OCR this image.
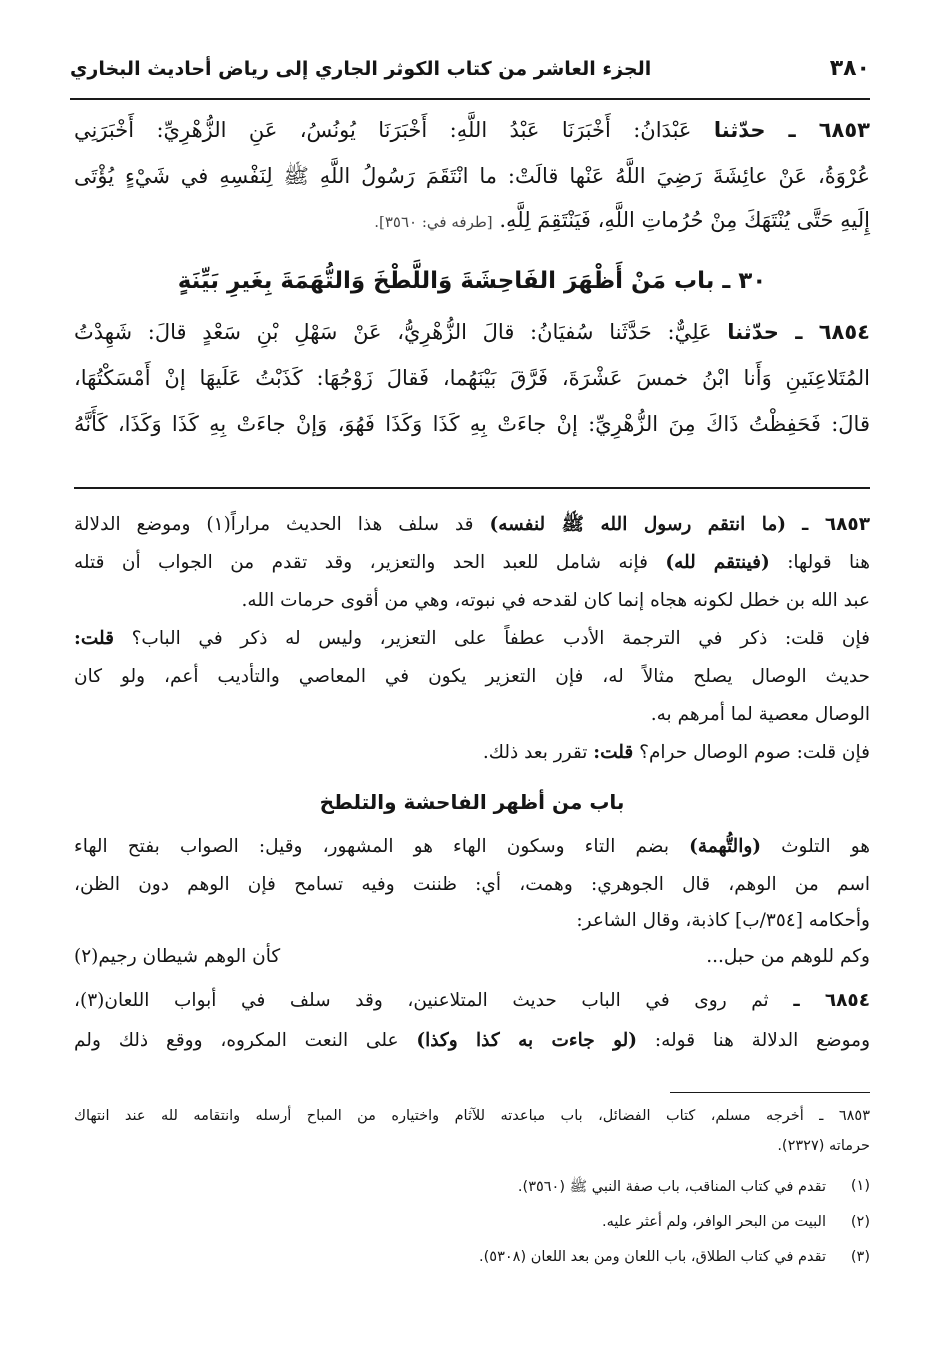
٣٨٠
الجزء العاشر من كتاب الكوثر الجاري إلى رياض أحاديث البخاري
٦٨٥٣ ـ حدّثنا عَبْدَانُ: أَخْبَرَنَا عَبْدُ اللَّهِ: أَخْبَرَنَا يُونُسُ، عَنِ الزُّهْرِيِّ: أَخْبَرَنِي
عُرْوَةُ، عَنْ عائِشَةَ رَضِيَ اللَّهُ عَنْها قالَتْ: ما انْتَقَمَ رَسُولُ اللَّهِ ﷺ لِنَفْسِهِ في شَيْءٍ يُؤْتَى
إِلَيهِ حَتَّى يُنْتَهَكَ مِنْ حُرُماتِ اللَّهِ، فَيَنْتَقِمَ لِلَّهِ. [طرفه في: ٣٥٦٠].
٣٠ ـ باب مَنْ أَظْهَرَ الفَاحِشَةَ وَاللَّطْخَ وَالتُّهَمَةَ بِغَيرِ بَيِّنَةٍ
٦٨٥٤ ـ حدّثنا عَلِيٌّ: حَدَّثَنا سُفيَانُ: قالَ الزُّهْرِيُّ، عَنْ سَهْلِ بْنِ سَعْدٍ قالَ: شَهِدْتُ
المُتَلاعِنَينِ وَأَنا ابْنُ خمسَ عَشْرَةَ، فَرَّقَ بَيْنَهُما، فَقالَ زَوْجُهَا: كَذَبْتُ عَلَيهَا إنْ أَمْسَكْتُهَا،
قالَ: فَحَفِظْتُ ذَاكَ مِنَ الزُّهْرِيِّ: إنْ جاءَتْ بِهِ كَذَا وَكَذَا فَهُوَ، وَإنْ جاءَتْ بِهِ كَذَا وَكَذَا، كَأَنَّهُ
٦٨٥٣ ـ (ما انتقم رسول الله ﷺ لنفسه) قد سلف هذا الحديث مراراً(١) وموضع الدلالة
هنا قولها: (فينتقم لله) فإنه شامل للعبد الحد والتعزير، وقد تقدم من الجواب أن قتله
عبد الله بن خطل لكونه هجاه إنما كان لقدحه في نبوته، وهي من أقوى حرمات الله.
فإن قلت: ذكر في الترجمة الأدب عطفاً على التعزير، وليس له ذكر في الباب؟ قلت:
حديث الوصال يصلح مثالاً له، فإن التعزير يكون في المعاصي والتأديب أعم، ولو كان
الوصال معصية لما أمرهم به.
فإن قلت: صوم الوصال حرام؟ قلت: تقرر بعد ذلك.
باب من أظهر الفاحشة والتلطخ
هو التلوث (والتُّهمة) بضم التاء وسكون الهاء هو المشهور، وقيل: الصواب بفتح الهاء
اسم من الوهم، قال الجوهري: وهمت، أي: ظننت وفيه تسامح فإن الوهم دون الظن،
وأحكامه [٣٥٤/ب] كاذبة، وقال الشاعر:
وكم للوهم من حبل...
كأن الوهم شيطان رجيم(٢)
٦٨٥٤ ـ ثم روى في الباب حديث المتلاعنين، وقد سلف في أبواب اللعان(٣)،
وموضع الدلالة هنا قوله: (لو جاءت به كذا وكذا) على النعت المكروه، ووقع ذلك ولم
٦٨٥٣ ـ أخرجه مسلم، كتاب الفضائل، باب مباعدته للآثام واختياره من المباح أرسله وانتقامه لله عند انتهاك
حرماته (٢٣٢٧).
(١)
تقدم في كتاب المناقب، باب صفة النبي ﷺ (٣٥٦٠).
(٢)
البيت من البحر الوافر، ولم أعثر عليه.
(٣)
تقدم في كتاب الطلاق، باب اللعان ومن بعد اللعان (٥٣٠٨).
